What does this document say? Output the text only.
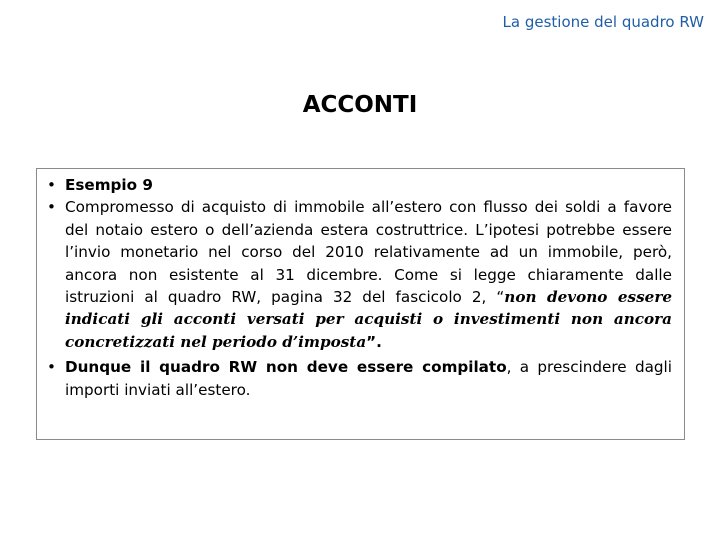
La gestione del quadro RW
ACCONTI
• Esempio 9
• Compromesso di acquisto di immobile all’estero con flusso dei soldi a favore del notaio estero o dell’azienda estera costruttrice. L’ipotesi potrebbe essere l’invio monetario nel corso del 2010 relativamente ad un immobile, però, ancora non esistente al 31 dicembre. Come si legge chiaramente dalle istruzioni al quadro RW, pagina 32 del fascicolo 2, “non devono essere indicati gli acconti versati per acquisti o investimenti non ancora concretizzati nel periodo d’imposta”.
• Dunque il quadro RW non deve essere compilato, a prescindere dagli importi inviati all’estero.
